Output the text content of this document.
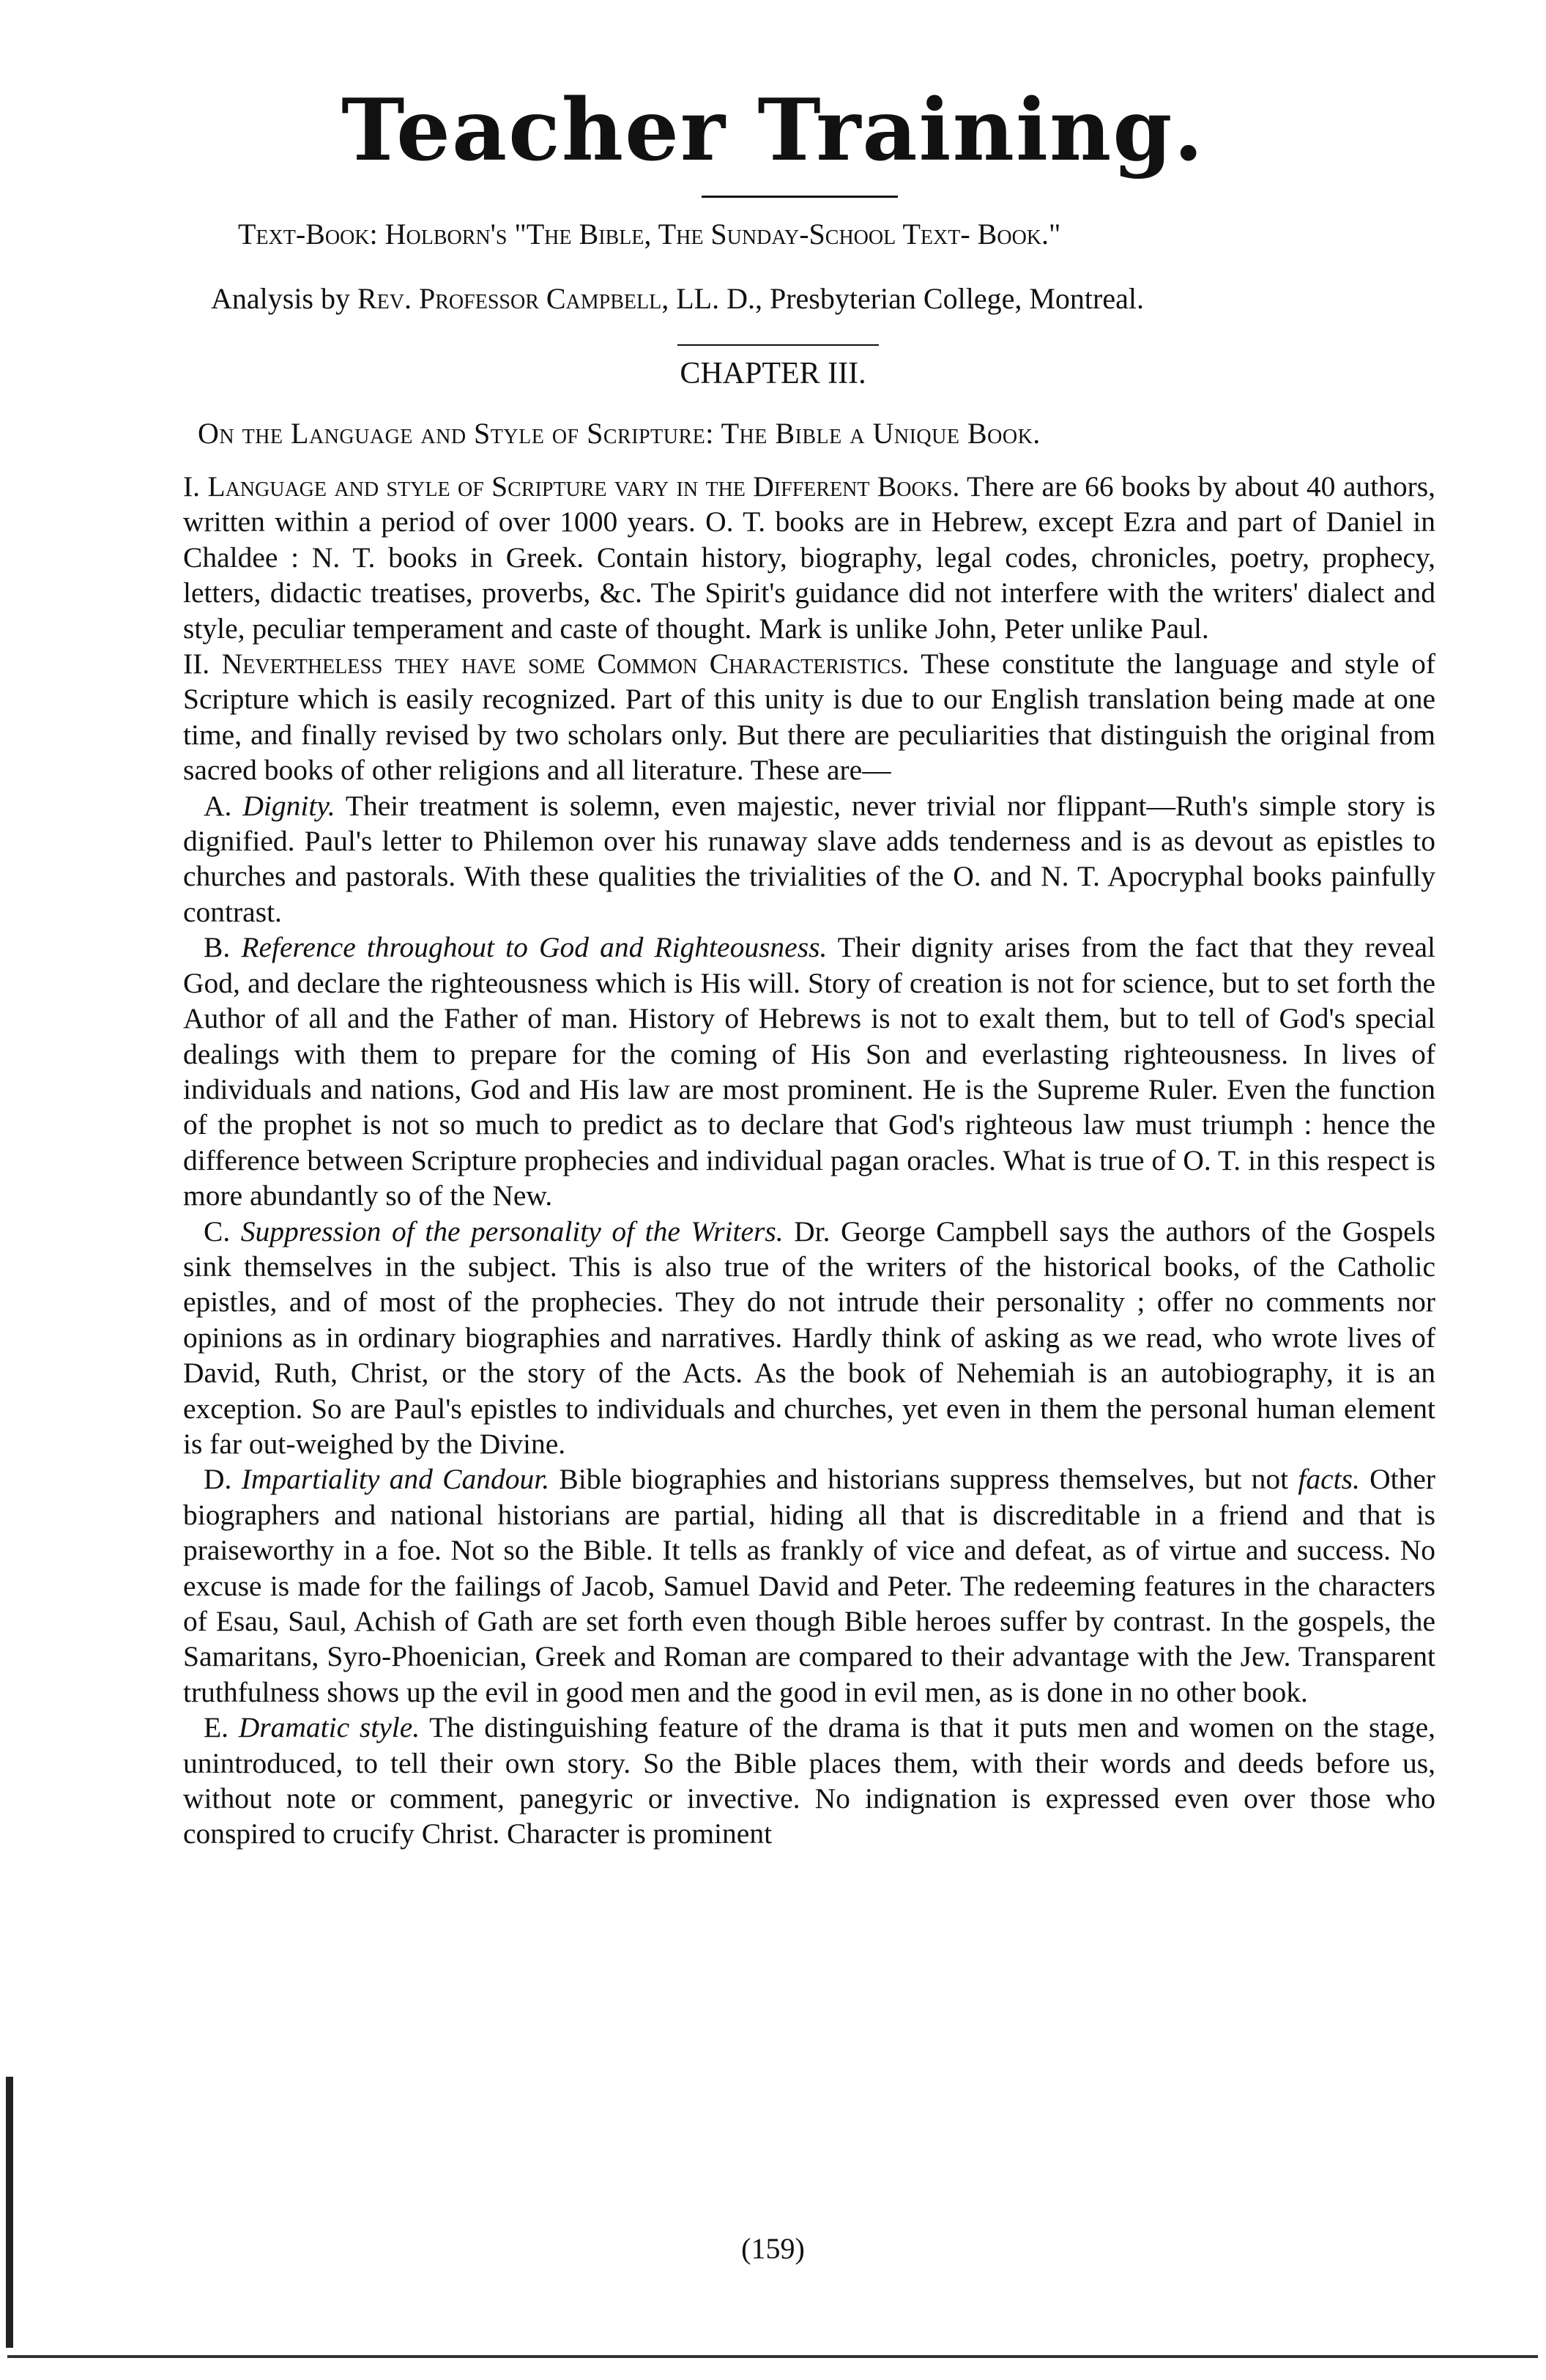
Teacher Training.
Text-Book: Holborn's "The Bible, The Sunday-School Text- Book."
Analysis by Rev. Professor Campbell, LL. D., Presbyterian College, Montreal.
CHAPTER III.
On the Language and Style of Scripture: The Bible a Unique Book.

I. Language and style of Scripture vary in the Different Books. There are 66 books by about 40 authors, written within a period of over 1000 years. O. T. books are in Hebrew, except Ezra and part of Daniel in Chaldee : N. T. books in Greek. Contain history, biography, legal codes, chronicles, poetry, prophecy, letters, didactic treatises, proverbs, &c. The Spirit's guidance did not interfere with the writers' dialect and style, peculiar temperament and caste of thought. Mark is unlike John, Peter unlike Paul.

II. Nevertheless they have some Common Characteristics. These constitute the language and style of Scripture which is easily recognized. Part of this unity is due to our English translation being made at one time, and finally revised by two scholars only. But there are peculiarities that distinguish the original from sacred books of other religions and all literature. These are—

A. Dignity. Their treatment is solemn, even majestic, never trivial nor flippant—Ruth's simple story is dignified. Paul's letter to Philemon over his runaway slave adds tenderness and is as devout as epistles to churches and pastorals. With these qualities the trivialities of the O. and N. T. Apocryphal books painfully contrast.

B. Reference throughout to God and Righteousness. Their dignity arises from the fact that they reveal God, and declare the righteousness which is His will. Story of creation is not for science, but to set forth the Author of all and the Father of man. History of Hebrews is not to exalt them, but to tell of God's special dealings with them to prepare for the coming of His Son and everlasting righteousness. In lives of individuals and nations, God and His law are most prominent. He is the Supreme Ruler. Even the function of the prophet is not so much to predict as to declare that God's righteous law must triumph : hence the difference between Scripture prophecies and individual pagan oracles. What is true of O. T. in this respect is more abundantly so of the New.

C. Suppression of the personality of the Writers. Dr. George Campbell says the authors of the Gospels sink themselves in the subject. This is also true of the writers of the historical books, of the Catholic epistles, and of most of the prophecies. They do not intrude their personality ; offer no comments nor opinions as in ordinary biographies and narratives. Hardly think of asking as we read, who wrote lives of David, Ruth, Christ, or the story of the Acts. As the book of Nehemiah is an autobiography, it is an exception. So are Paul's epistles to individuals and churches, yet even in them the personal human element is far out-weighed by the Divine.

D. Impartiality and Candour. Bible biographies and historians suppress themselves, but not facts. Other biographers and national historians are partial, hiding all that is discreditable in a friend and that is praiseworthy in a foe. Not so the Bible. It tells as frankly of vice and defeat, as of virtue and success. No excuse is made for the failings of Jacob, Samuel David and Peter. The redeeming features in the characters of Esau, Saul, Achish of Gath are set forth even though Bible heroes suffer by contrast. In the gospels, the Samaritans, Syro-Phoenician, Greek and Roman are compared to their advantage with the Jew. Transparent truthfulness shows up the evil in good men and the good in evil men, as is done in no other book.

E. Dramatic style. The distinguishing feature of the drama is that it puts men and women on the stage, unintroduced, to tell their own story. So the Bible places them, with their words and deeds before us, without note or comment, panegyric or invective. No indignation is expressed even over those who conspired to crucify Christ. Character is prominent

(159)
